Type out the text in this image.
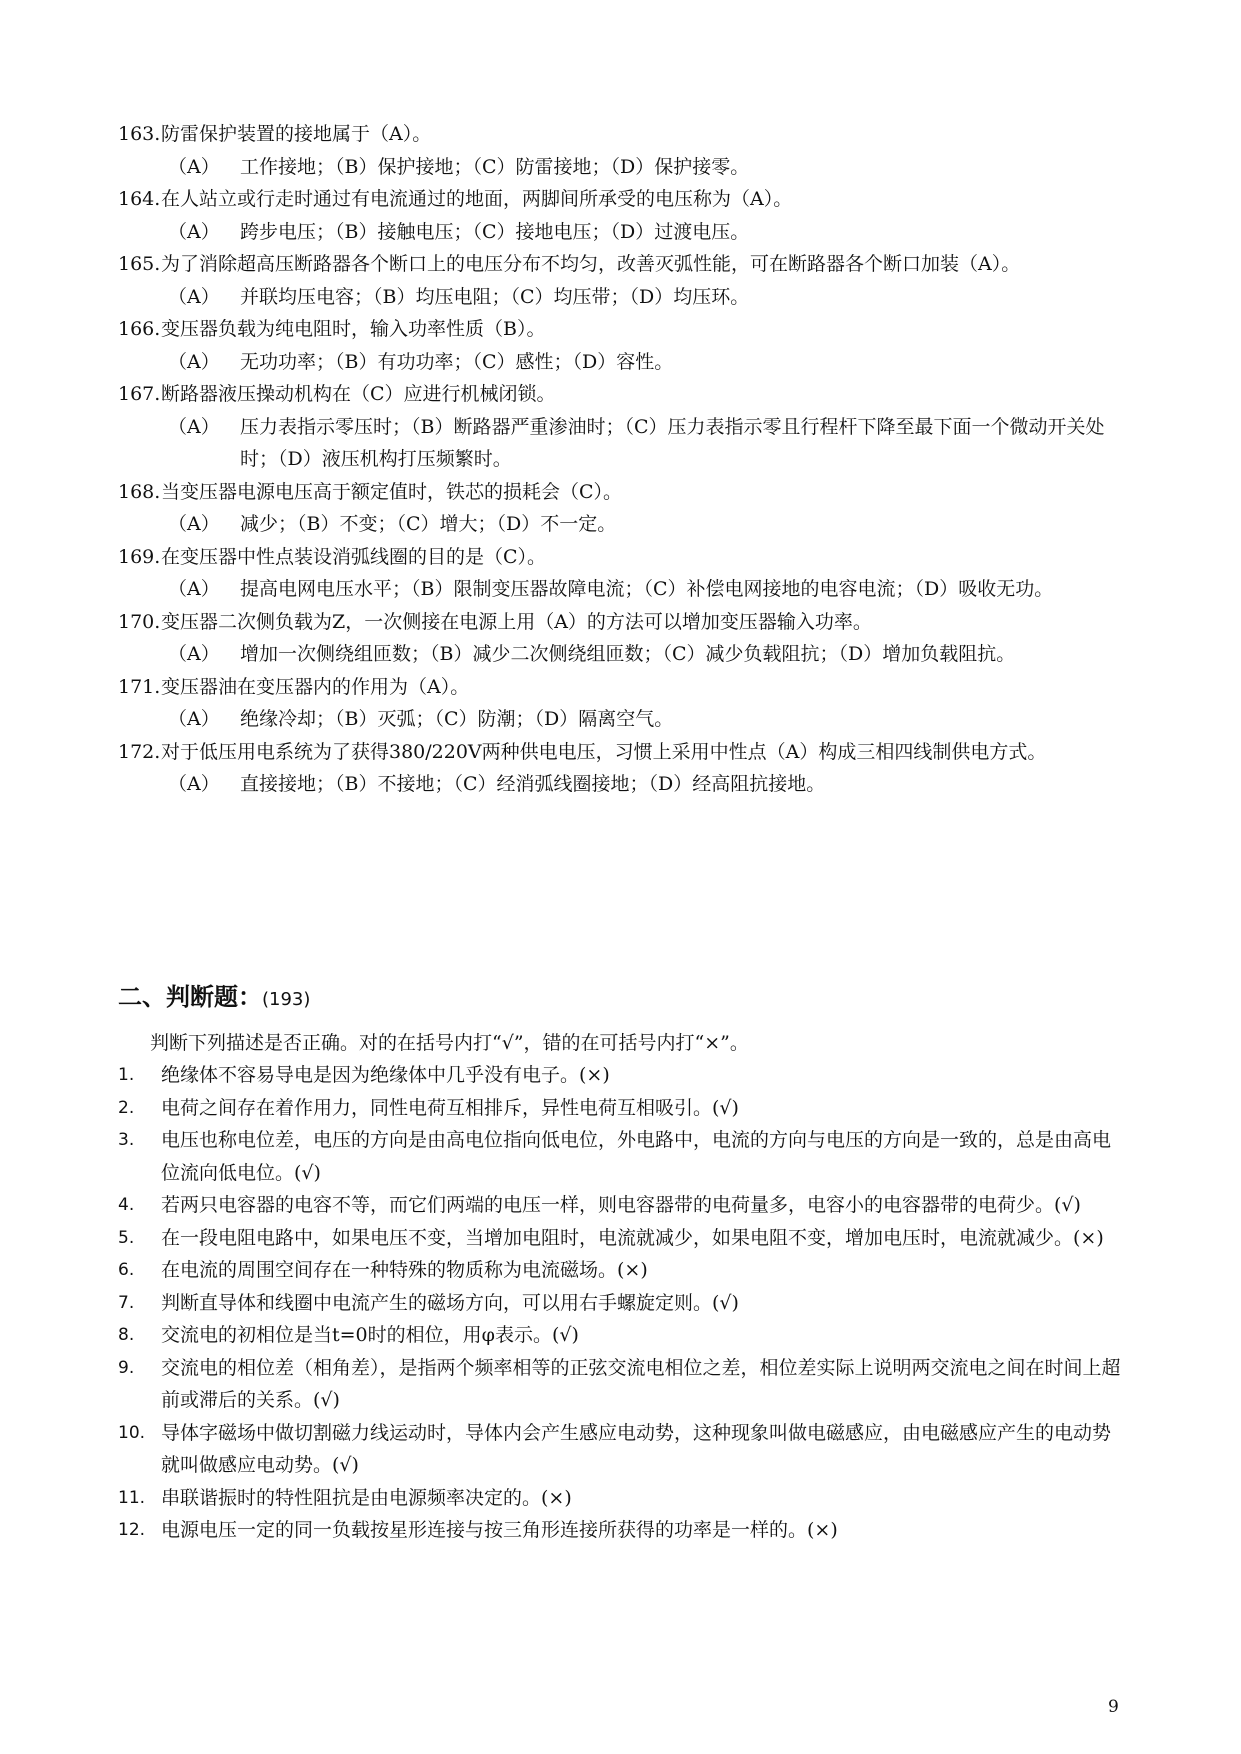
163. 防雷保护装置的接地属于（A）。
（A）	工作接地；（B）保护接地；（C）防雷接地；（D）保护接零。
164. 在人站立或行走时通过有电流通过的地面，两脚间所承受的电压称为（A）。
（A）	跨步电压；（B）接触电压；（C）接地电压；（D）过渡电压。
165. 为了消除超高压断路器各个断口上的电压分布不均匀，改善灭弧性能，可在断路器各个断口加装（A）。
（A）	并联均压电容；（B）均压电阻；（C）均压带；（D）均压环。
166. 变压器负载为纯电阻时，输入功率性质（B）。
（A）	无功功率；（B）有功功率；（C）感性；（D）容性。
167. 断路器液压操动机构在（C）应进行机械闭锁。
（A）	压力表指示零压时；（B）断路器严重渗油时；（C）压力表指示零且行程杆下降至最下面一个微动开关处时；（D）液压机构打压频繁时。
168. 当变压器电源电压高于额定值时，铁芯的损耗会（C）。
（A）	减少；（B）不变；（C）增大；（D）不一定。
169. 在变压器中性点装设消弧线圈的目的是（C）。
（A）	提高电网电压水平；（B）限制变压器故障电流；（C）补偿电网接地的电容电流；（D）吸收无功。
170. 变压器二次侧负载为Z，一次侧接在电源上用（A）的方法可以增加变压器输入功率。
（A）	增加一次侧绕组匝数；（B）减少二次侧绕组匝数；（C）减少负载阻抗；（D）增加负载阻抗。
171. 变压器油在变压器内的作用为（A）。
（A）	绝缘冷却；（B）灭弧；（C）防潮；（D）隔离空气。
172. 对于低压用电系统为了获得380/220V两种供电电压，习惯上采用中性点（A）构成三相四线制供电方式。
（A）	直接接地；（B）不接地；（C）经消弧线圈接地；（D）经高阻抗接地。
二、判断题：(193)
判断下列描述是否正确。对的在括号内打“√”，错的在可括号内打“×”。
1.	绝缘体不容易导电是因为绝缘体中几乎没有电子。(×)
2.	电荷之间存在着作用力，同性电荷互相排斥，异性电荷互相吸引。(√)
3.	电压也称电位差，电压的方向是由高电位指向低电位，外电路中，电流的方向与电压的方向是一致的，总是由高电位流向低电位。(√)
4.	若两只电容器的电容不等，而它们两端的电压一样，则电容器带的电荷量多，电容小的电容器带的电荷少。(√)
5.	在一段电阻电路中，如果电压不变，当增加电阻时，电流就减少，如果电阻不变，增加电压时，电流就减少。(×)
6.	在电流的周围空间存在一种特殊的物质称为电流磁场。(×)
7.	判断直导体和线圈中电流产生的磁场方向，可以用右手螺旋定则。(√)
8.	交流电的初相位是当t=0时的相位，用φ表示。(√)
9.	交流电的相位差（相角差），是指两个频率相等的正弦交流电相位之差，相位差实际上说明两交流电之间在时间上超前或滞后的关系。(√)
10. 导体字磁场中做切割磁力线运动时，导体内会产生感应电动势，这种现象叫做电磁感应，由电磁感应产生的电动势就叫做感应电动势。(√)
11. 串联谐振时的特性阻抗是由电源频率决定的。(×)
12. 电源电压一定的同一负载按星形连接与按三角形连接所获得的功率是一样的。(×)
9
